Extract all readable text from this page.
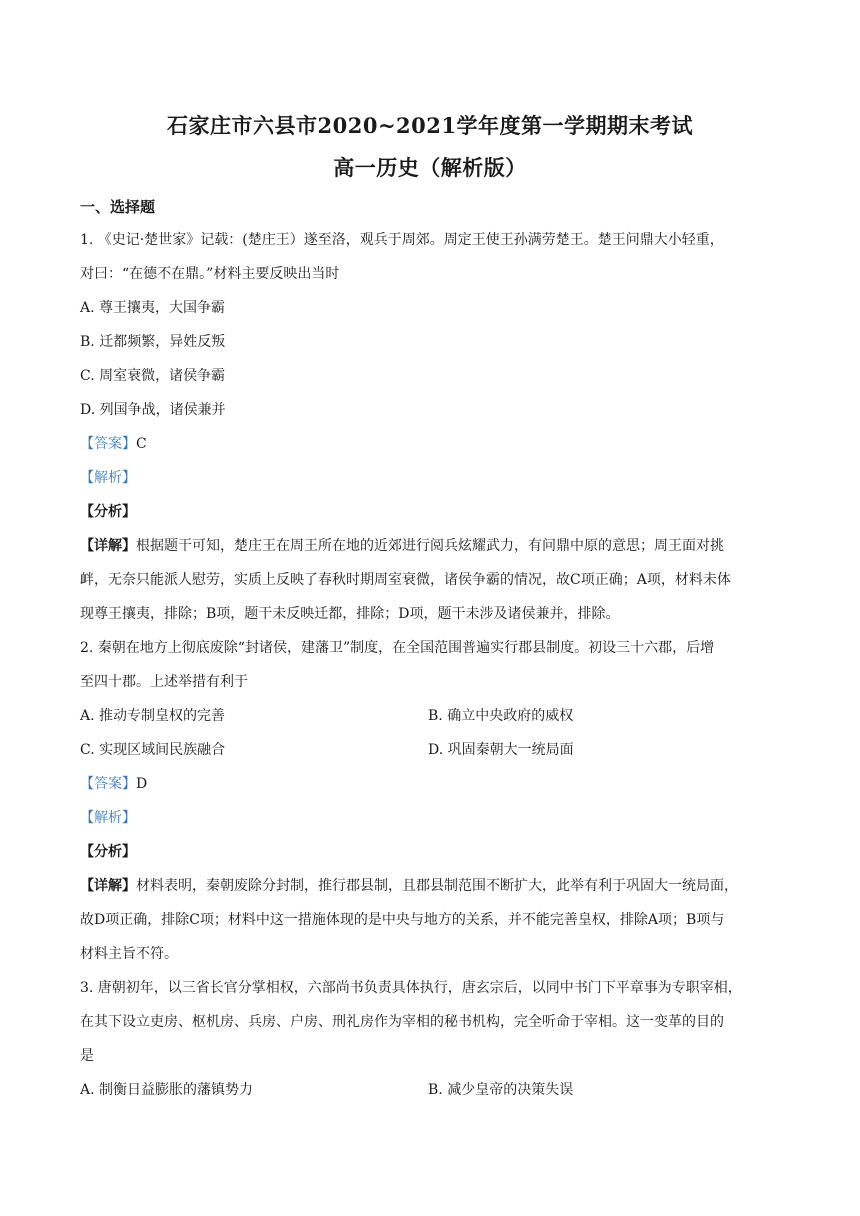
石家庄市六县市2020~2021学年度第一学期期末考试
高一历史（解析版）
一、选择题
1. 《史记·楚世家》记载：(楚庄王）遂至洛，观兵于周郊。周定王使王孙满劳楚王。楚王问鼎大小轻重，
对曰：“在德不在鼎。”材料主要反映出当时
A. 尊王攘夷，大国争霸
B. 迁都频繁，异姓反叛
C. 周室衰微，诸侯争霸
D. 列国争战，诸侯兼并
【答案】C
【解析】
【分析】
【详解】根据题干可知，楚庄王在周王所在地的近郊进行阅兵炫耀武力，有问鼎中原的意思；周王面对挑
衅，无奈只能派人慰劳，实质上反映了春秋时期周室衰微，诸侯争霸的情况，故C项正确；A项，材料未体
现尊王攘夷，排除；B项，题干未反映迁都，排除；D项，题干未涉及诸侯兼并，排除。
2. 秦朝在地方上彻底废除“封诸侯，建藩卫”制度，在全国范围普遍实行郡县制度。初设三十六郡，后增
至四十郡。上述举措有利于
A. 推动专制皇权的完善	B. 确立中央政府的威权
C. 实现区域间民族融合	D. 巩固秦朝大一统局面
【答案】D
【解析】
【分析】
【详解】材料表明，秦朝废除分封制，推行郡县制，且郡县制范围不断扩大，此举有利于巩固大一统局面，
故D项正确，排除C项；材料中这一措施体现的是中央与地方的关系，并不能完善皇权，排除A项；B项与
材料主旨不符。
3. 唐朝初年，以三省长官分掌相权，六部尚书负责具体执行，唐玄宗后，以同中书门下平章事为专职宰相，
在其下设立吏房、枢机房、兵房、户房、刑礼房作为宰相的秘书机构，完全听命于宰相。这一变革的目的
是
A. 制衡日益膨胀的藩镇势力	B. 减少皇帝的决策失误
